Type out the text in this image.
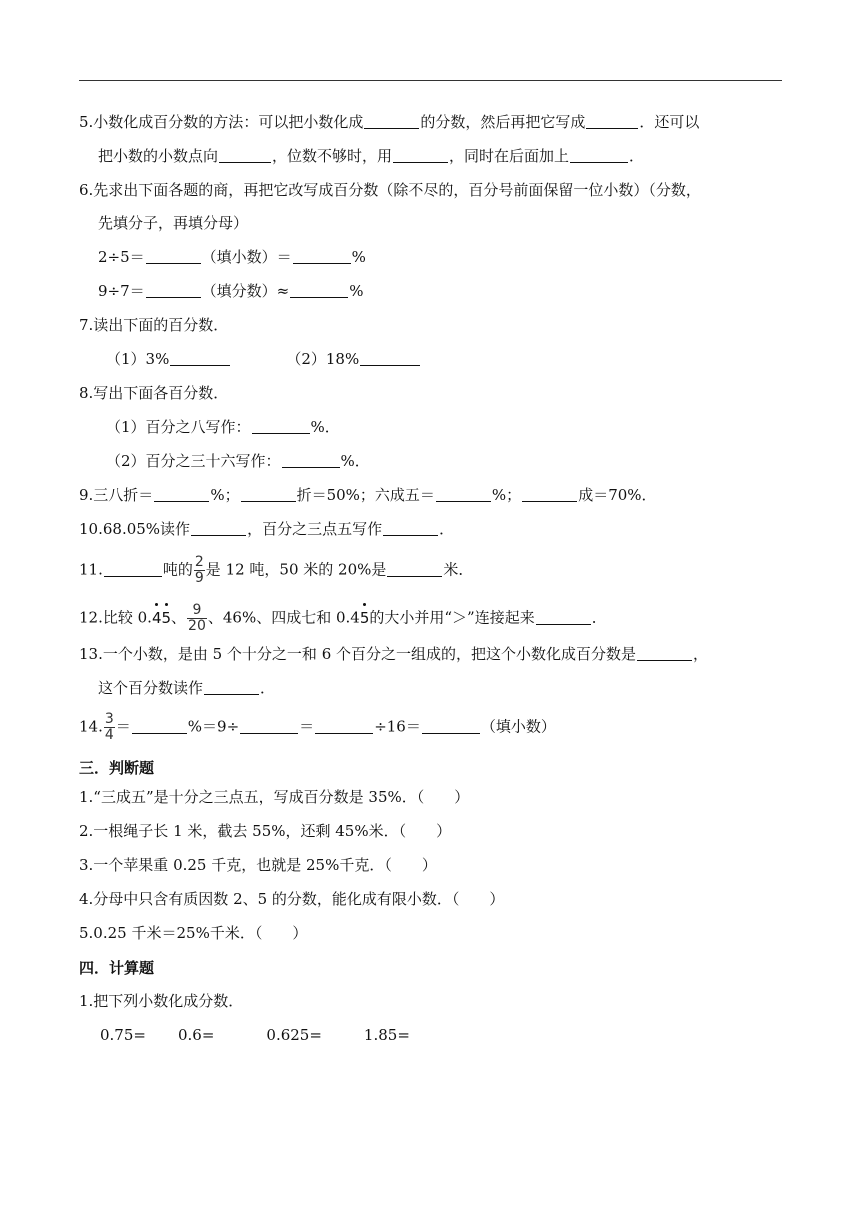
5.小数化成百分数的方法：可以把小数化成	的分数，然后再把它写成	．还可以
把小数的小数点向	，位数不够时，用	，同时在后面加上	．
6.先求出下面各题的商，再把它改写成百分数（除不尽的，百分号前面保留一位小数）（分数，
先填分子，再填分母）
2÷5＝	（填小数）＝	%
9÷7＝	（填分数）≈	%
7.读出下面的百分数．
（1）3%	（2）18%
8.写出下面各百分数．
（1）百分之八写作：	%．
（2）百分之三十六写作：	%．
9.三八折＝	%；	折＝50%；六成五＝	%；	成＝70%．
10.68.05%读作	，百分之三点五写作	．
11.	吨的 $\frac{2}{9}$ 是 12 吨，50 米的 20%是	米．
12.比较 0.45、 $\frac{9}{20}$ 、46%、四成七和 0.45的大小并用“＞”连接起来	．
13.一个小数，是由 5 个十分之一和 6 个百分之一组成的，把这个小数化成百分数是	，
这个百分数读作	．
14. $\frac{3}{4}$ ＝	%＝9÷	＝	÷16＝	（填小数）
三．判断题
1.“三成五”是十分之三点五，写成百分数是 35%．（　　）
2.一根绳子长 1 米，截去 55%，还剩 45%米．（　　）
3.一个苹果重 0.25 千克，也就是 25%千克．（　　）
4.分母中只含有质因数 2、5 的分数，能化成有限小数．（　　）
5.0.25 千米＝25%千米．（　　）
四．计算题
1.把下列小数化成分数．
0.75= 0.6=	0.625=	1.85=
